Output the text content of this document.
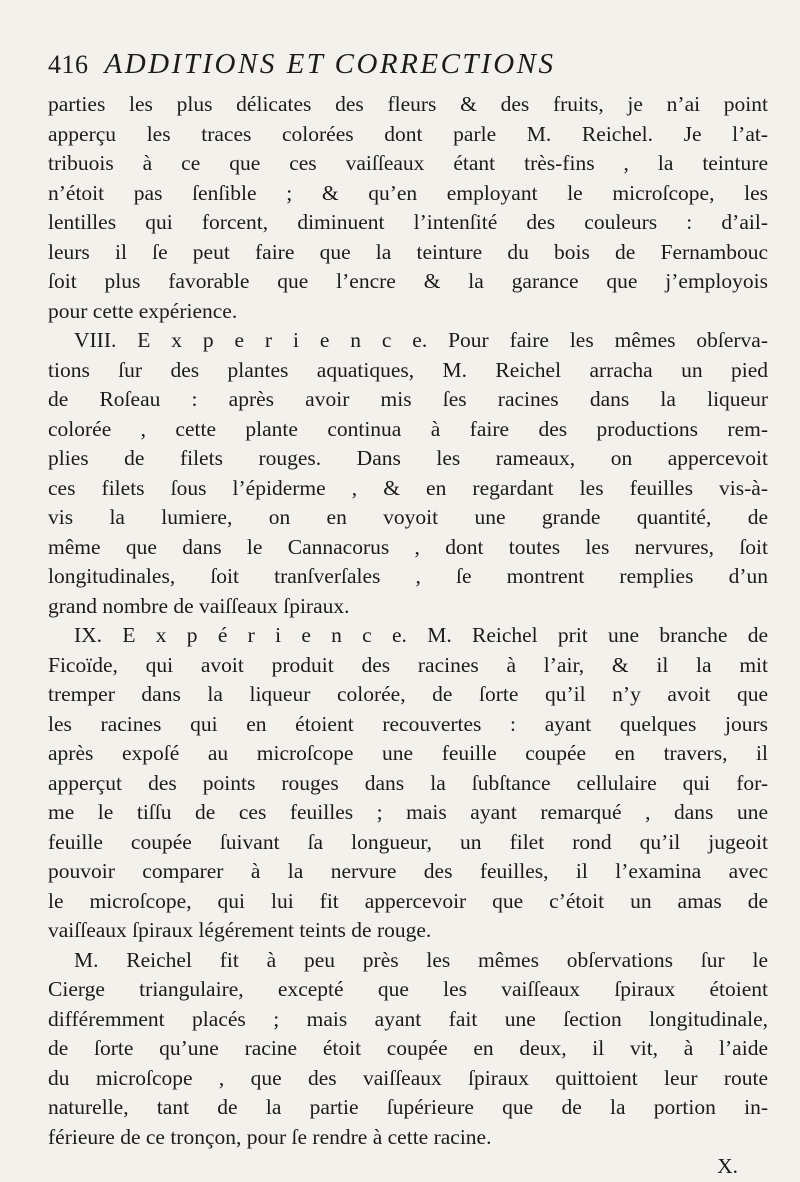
416 ADDITIONS ET CORRECTIONS
parties les plus délicates des fleurs & des fruits, je n’ai point
apperçu les traces colorées dont parle M. Reichel. Je l’at-
tribuois à ce que ces vaiſſeaux étant très-fins , la teinture
n’étoit pas ſenſible ; & qu’en employant le microſcope, les
lentilles qui forcent, diminuent l’intenſité des couleurs : d’ail-
leurs il ſe peut faire que la teinture du bois de Fernambouc
ſoit plus favorable que l’encre & la garance que j’employois
pour cette expérience.
VIII. E x p e r i e n c e. Pour faire les mêmes obſerva-
tions ſur des plantes aquatiques, M. Reichel arracha un pied
de Roſeau : après avoir mis ſes racines dans la liqueur
colorée , cette plante continua à faire des productions rem-
plies de filets rouges. Dans les rameaux, on appercevoit
ces filets ſous l’épiderme , & en regardant les feuilles vis-à-
vis la lumiere, on en voyoit une grande quantité, de
même que dans le Cannacorus , dont toutes les nervures, ſoit
longitudinales, ſoit tranſverſales , ſe montrent remplies d’un
grand nombre de vaiſſeaux ſpiraux.
IX. E x p é r i e n c e. M. Reichel prit une branche de
Ficoïde, qui avoit produit des racines à l’air, & il la mit
tremper dans la liqueur colorée, de ſorte qu’il n’y avoit que
les racines qui en étoient recouvertes : ayant quelques jours
après expoſé au microſcope une feuille coupée en travers, il
apperçut des points rouges dans la ſubſtance cellulaire qui for-
me le tiſſu de ces feuilles ; mais ayant remarqué , dans une
feuille coupée ſuivant ſa longueur, un filet rond qu’il jugeoit
pouvoir comparer à la nervure des feuilles, il l’examina avec
le microſcope, qui lui fit appercevoir que c’étoit un amas de
vaiſſeaux ſpiraux légérement teints de rouge.
M. Reichel fit à peu près les mêmes obſervations ſur le
Cierge triangulaire, excepté que les vaiſſeaux ſpiraux étoient
différemment placés ; mais ayant fait une ſection longitudinale,
de ſorte qu’une racine étoit coupée en deux, il vit, à l’aide
du microſcope , que des vaiſſeaux ſpiraux quittoient leur route
naturelle, tant de la partie ſupérieure que de la portion in-
férieure de ce tronçon, pour ſe rendre à cette racine.
X.
